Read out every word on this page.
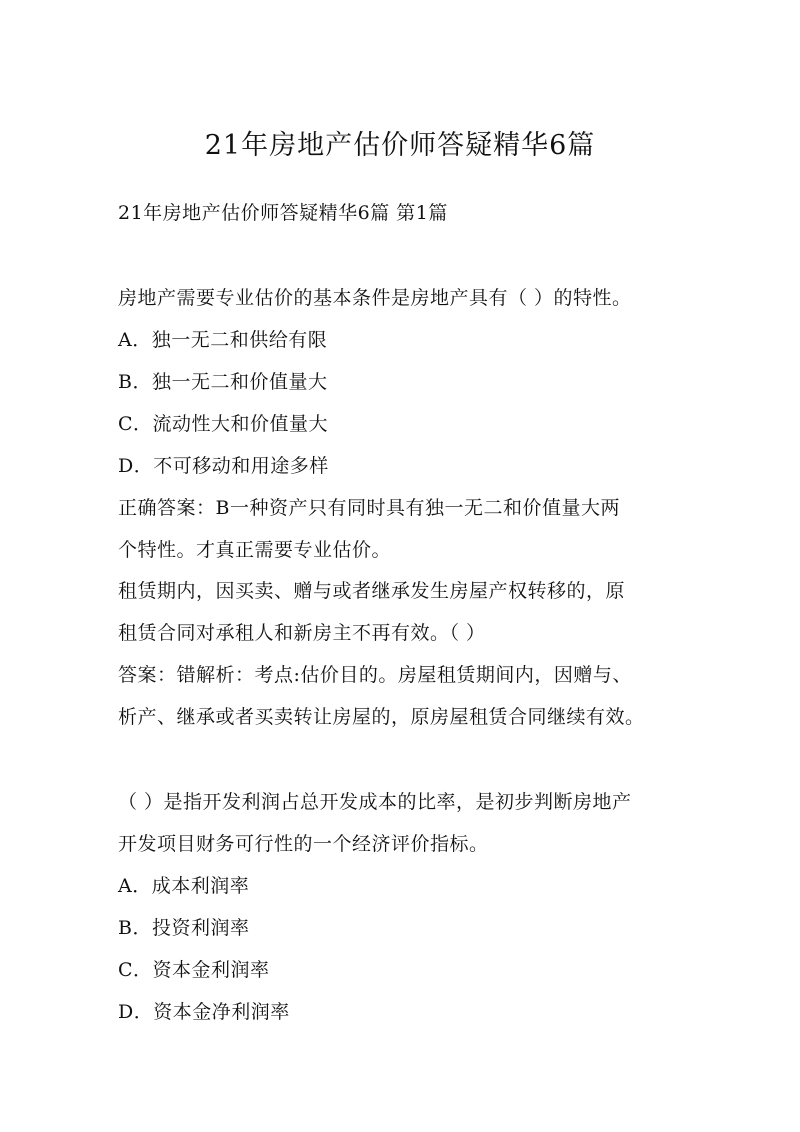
21年房地产估价师答疑精华6篇
21年房地产估价师答疑精华6篇 第1篇
房地产需要专业估价的基本条件是房地产具有（ ）的特性。
A．独一无二和供给有限
B．独一无二和价值量大
C．流动性大和价值量大
D．不可移动和用途多样
正确答案：B一种资产只有同时具有独一无二和价值量大两
个特性。才真正需要专业估价。
租赁期内，因买卖、赠与或者继承发生房屋产权转移的，原
租赁合同对承租人和新房主不再有效。（ ）
答案：错解析：考点:估价目的。房屋租赁期间内，因赠与、
析产、继承或者买卖转让房屋的，原房屋租赁合同继续有效。
（ ）是指开发利润占总开发成本的比率，是初步判断房地产
开发项目财务可行性的一个经济评价指标。
A．成本利润率
B．投资利润率
C．资本金利润率
D．资本金净利润率
